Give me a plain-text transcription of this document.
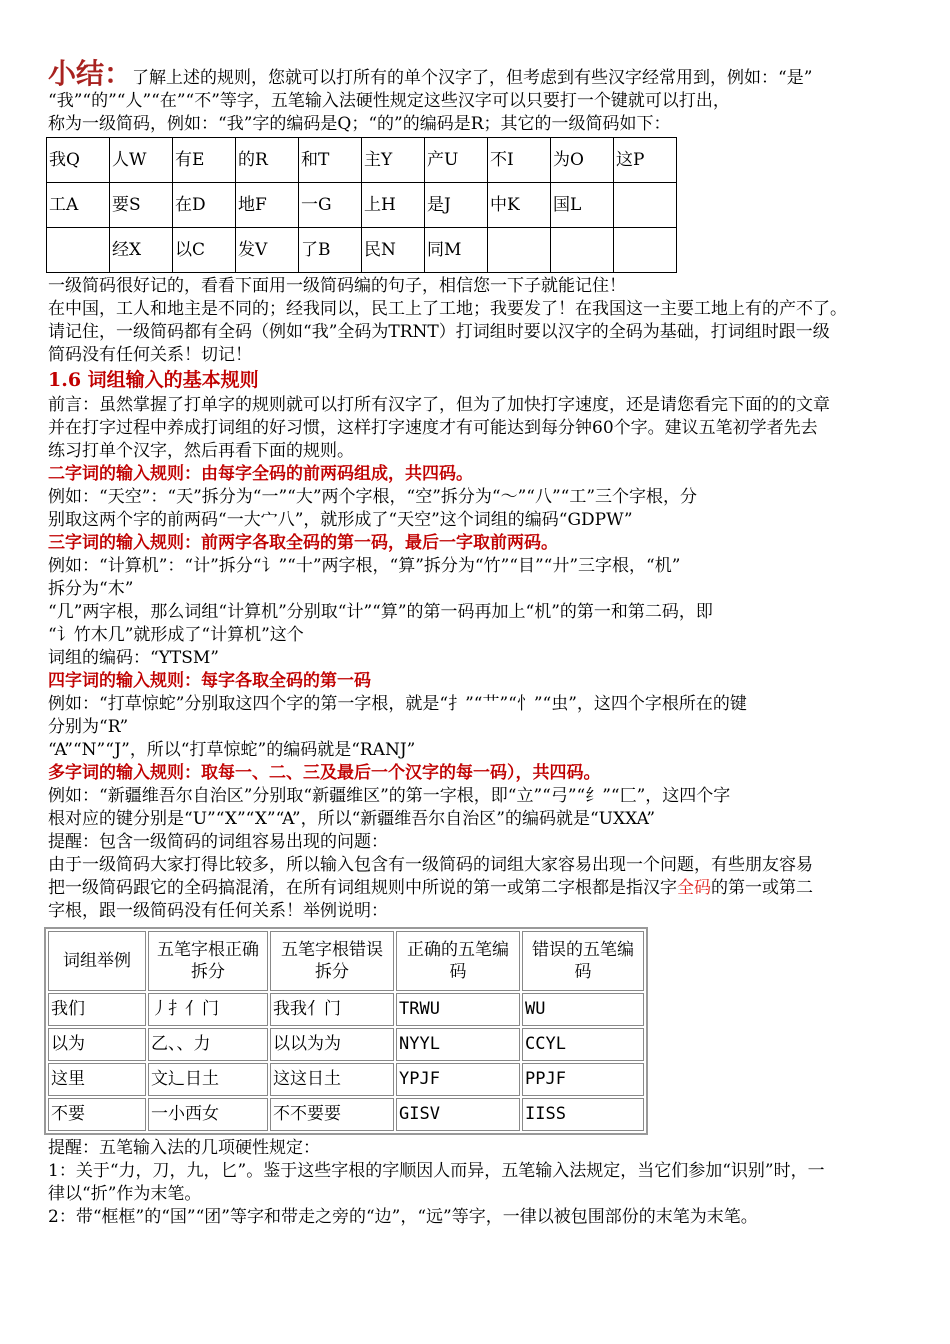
小结：了解上述的规则，您就可以打所有的单个汉字了，但考虑到有些汉字经常用到，例如：“是”

“我”“的”“人”“在”“不”等字，五笔输入法硬性规定这些汉字可以只要打一个键就可以打出，

称为一级简码，例如：“我”字的编码是Q；“的”的编码是R；其它的一级简码如下：

我Q	人W	有E	的R	和T	主Y	产U	不I	为O	这P
工A	要S	在D	地F	一G	上H	是J	中K	国L	
	经X	以C	发V	了B	民N	同M			

一级简码很好记的，看看下面用一级简码编的句子，相信您一下子就能记住！

在中国，工人和地主是不同的；经我同以，民工上了工地；我要发了！在我国这一主要工地上有的产不了。

请记住，一级简码都有全码（例如“我”全码为TRNT）打词组时要以汉字的全码为基础，打词组时跟一级

简码没有任何关系！切记！

1.6 词组输入的基本规则

前言：虽然掌握了打单字的规则就可以打所有汉字了，但为了加快打字速度，还是请您看完下面的的文章

并在打字过程中养成打词组的好习惯，这样打字速度才有可能达到每分钟60个字。建议五笔初学者先去

练习打单个汉字，然后再看下面的规则。

二字词的输入规则：由每字全码的前两码组成，共四码。

例如：“天空”：“天”拆分为“一”“大”两个字根，“空”拆分为“～”“八”“工”三个字根，分

别取这两个字的前两码“一大宀八”，就形成了“天空”这个词组的编码“GDPW”

三字词的输入规则：前两字各取全码的第一码，最后一字取前两码。

例如：“计算机”：“计”拆分“讠”“十”两字根，“算”拆分为“竹”“目”“廾”三字根，“机”

拆分为“木”

“几”两字根，那么词组“计算机”分别取“计”“算”的第一码再加上“机”的第一和第二码，即

“讠竹木几”就形成了“计算机”这个

词组的编码：“YTSM”

四字词的输入规则：每字各取全码的第一码

例如：“打草惊蛇”分别取这四个字的第一字根，就是“扌”“艹”“忄”“虫”，这四个字根所在的键

分别为“R”

“A”“N”“J”，所以“打草惊蛇”的编码就是“RANJ”

多字词的输入规则：取每一、二、三及最后一个汉字的每一码），共四码。

例如：“新疆维吾尔自治区”分别取“新疆维区”的第一字根，即“立”“弓”“纟”“匚”，这四个字

根对应的键分别是“U”“X”“X”“A”，所以“新疆维吾尔自治区”的编码就是“UXXA”

提醒：包含一级简码的词组容易出现的问题：

由于一级简码大家打得比较多，所以输入包含有一级简码的词组大家容易出现一个问题，有些朋友容易

把一级简码跟它的全码搞混淆，在所有词组规则中所说的第一或第二字根都是指汉字全码的第一或第二

字根，跟一级简码没有任何关系！举例说明：

词组举例	五笔字根正确拆分	五笔字根错误拆分	正确的五笔编码	错误的五笔编码
我们	丿扌亻门	我我亻门	TRWU	WU
以为	乙、、力	以以为为	NYYL	CCYL
这里	文辶日土	这这日土	YPJF	PPJF
不要	一小西女	不不要要	GISV	IISS

提醒：五笔输入法的几项硬性规定：

1：关于“力，刀，九，匕”。鉴于这些字根的字顺因人而异，五笔输入法规定，当它们参加“识别”时，一

律以“折”作为末笔。

2：带“框框”的“国”“团”等字和带走之旁的“边”，“远”等字，一律以被包围部份的末笔为末笔。
